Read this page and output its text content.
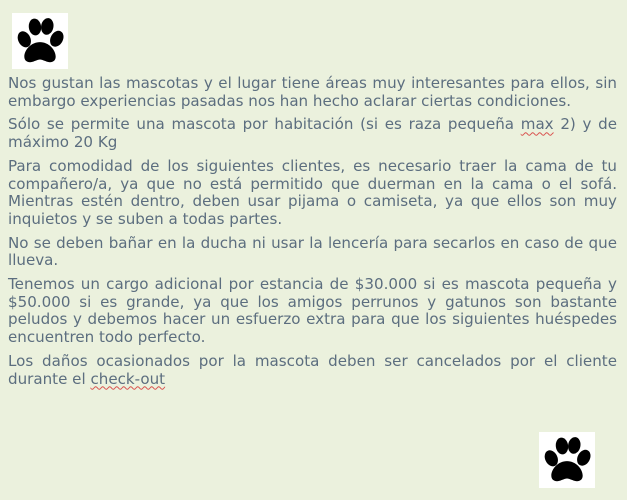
Nos gustan las mascotas y el lugar tiene áreas muy interesantes para ellos, sin embargo experiencias pasadas nos han hecho aclarar ciertas condiciones.

Sólo se permite una mascota por habitación (si es raza pequeña max 2) y de máximo 20 Kg

Para comodidad de los siguientes clientes, es necesario traer la cama de tu compañero/a, ya que no está permitido que duerman en la cama o el sofá. Mientras estén dentro, deben usar pijama o camiseta, ya que ellos son muy inquietos y se suben a todas partes.

No se deben bañar en la ducha ni usar la lencería para secarlos en caso de que llueva.

Tenemos un cargo adicional por estancia de $30.000 si es mascota pequeña y $50.000 si es grande, ya que los amigos perrunos y gatunos son bastante peludos y debemos hacer un esfuerzo extra para que los siguientes huéspedes encuentren todo perfecto.

Los daños ocasionados por la mascota deben ser cancelados por el cliente durante el check-out
